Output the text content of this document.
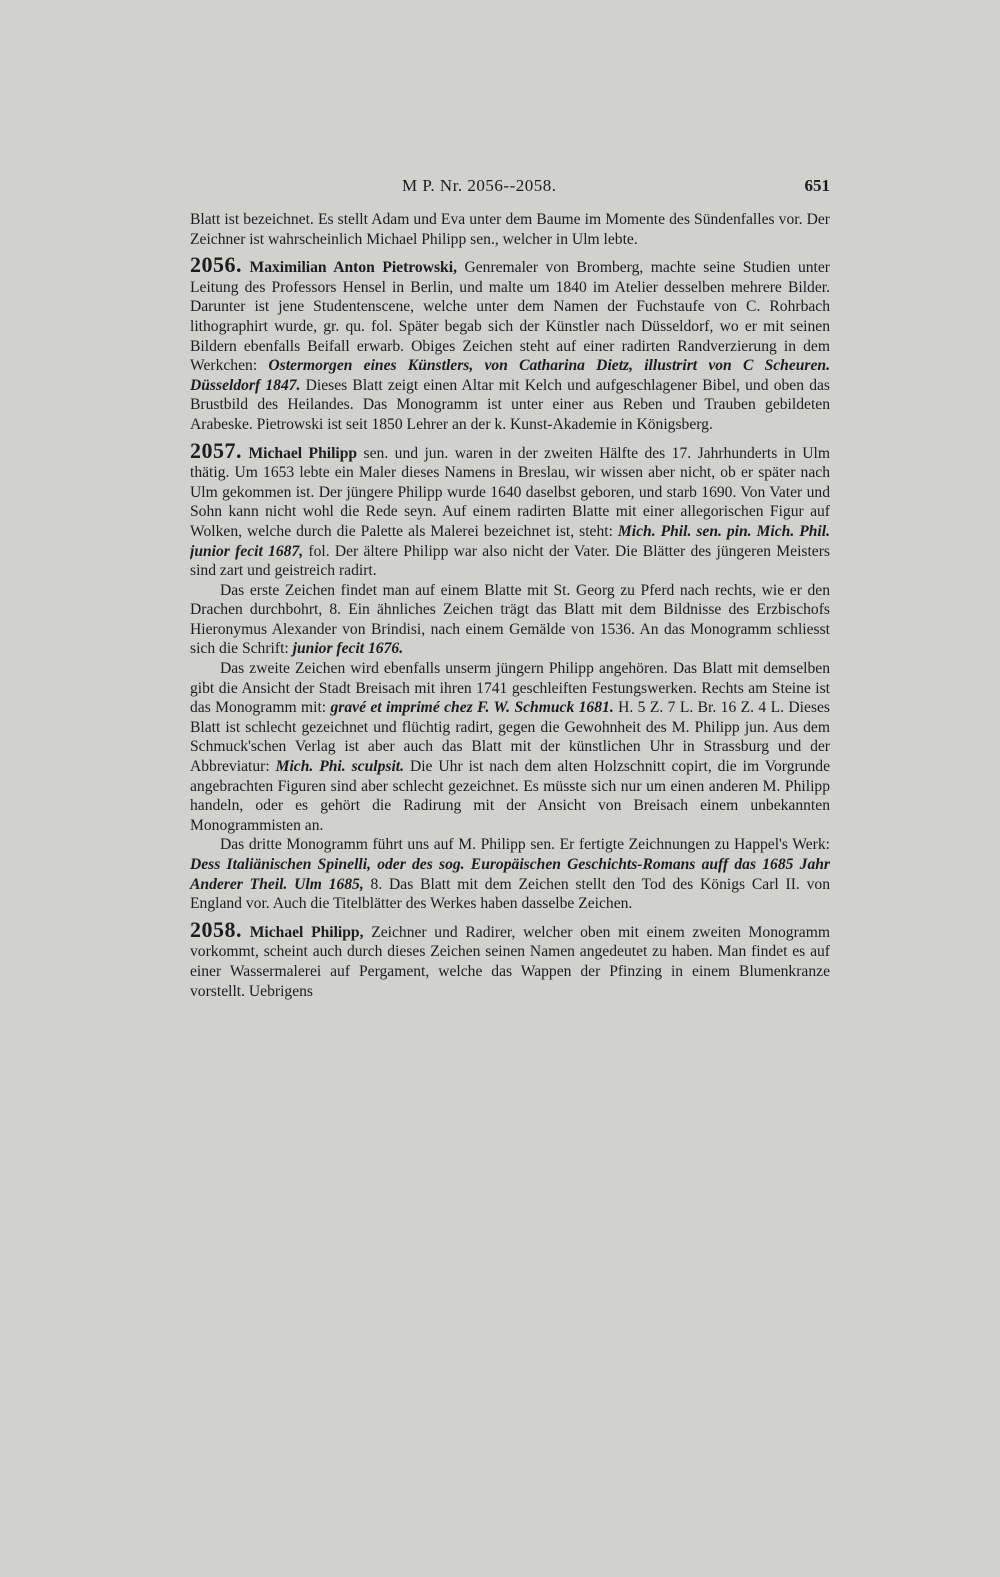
M P. Nr. 2056--2058.	651

Blatt ist bezeichnet. Es stellt Adam und Eva unter dem Baume im Momente des Sündenfalles vor. Der Zeichner ist wahrscheinlich Michael Philipp sen., welcher in Ulm lebte.

2056. Maximilian Anton Pietrowski, Genremaler von Bromberg, machte seine Studien unter Leitung des Professors Hensel in Berlin, und malte um 1840 im Atelier desselben mehrere Bilder. Darunter ist jene Studentenscene, welche unter dem Namen der Fuchstaufe von C. Rohrbach lithographirt wurde, gr. qu. fol. Später begab sich der Künstler nach Düsseldorf, wo er mit seinen Bildern ebenfalls Beifall erwarb. Obiges Zeichen steht auf einer radirten Randverzierung in dem Werkchen: Ostermorgen eines Künstlers, von Catharina Dietz, illustrirt von C Scheuren. Düsseldorf 1847. Dieses Blatt zeigt einen Altar mit Kelch und aufgeschlagener Bibel, und oben das Brustbild des Heilandes. Das Monogramm ist unter einer aus Reben und Trauben gebildeten Arabeske. Pietrowski ist seit 1850 Lehrer an der k. Kunst-Akademie in Königsberg.

2057. Michael Philipp sen. und jun. waren in der zweiten Hälfte des 17. Jahrhunderts in Ulm thätig. Um 1653 lebte ein Maler dieses Namens in Breslau, wir wissen aber nicht, ob er später nach Ulm gekommen ist. Der jüngere Philipp wurde 1640 daselbst geboren, und starb 1690. Von Vater und Sohn kann nicht wohl die Rede seyn. Auf einem radirten Blatte mit einer allegorischen Figur auf Wolken, welche durch die Palette als Malerei bezeichnet ist, steht: Mich. Phil. sen. pin. Mich. Phil. junior fecit 1687, fol. Der ältere Philipp war also nicht der Vater. Die Blätter des jüngeren Meisters sind zart und geistreich radirt.

Das erste Zeichen findet man auf einem Blatte mit St. Georg zu Pferd nach rechts, wie er den Drachen durchbohrt, 8. Ein ähnliches Zeichen trägt das Blatt mit dem Bildnisse des Erzbischofs Hieronymus Alexander von Brindisi, nach einem Gemälde von 1536. An das Monogramm schliesst sich die Schrift: junior fecit 1676.

Das zweite Zeichen wird ebenfalls unserm jüngern Philipp angehören. Das Blatt mit demselben gibt die Ansicht der Stadt Breisach mit ihren 1741 geschleiften Festungswerken. Rechts am Steine ist das Monogramm mit: gravé et imprimé chez F. W. Schmuck 1681. H. 5 Z. 7 L. Br. 16 Z. 4 L. Dieses Blatt ist schlecht gezeichnet und flüchtig radirt, gegen die Gewohnheit des M. Philipp jun. Aus dem Schmuck'schen Verlag ist aber auch das Blatt mit der künstlichen Uhr in Strassburg und der Abbreviatur: Mich. Phi. sculpsit. Die Uhr ist nach dem alten Holzschnitt copirt, die im Vorgrunde angebrachten Figuren sind aber schlecht gezeichnet. Es müsste sich nur um einen anderen M. Philipp handeln, oder es gehört die Radirung mit der Ansicht von Breisach einem unbekannten Monogrammisten an.

Das dritte Monogramm führt uns auf M. Philipp sen. Er fertigte Zeichnungen zu Happel's Werk: Dess Italiänischen Spinelli, oder des sog. Europäischen Geschichts-Romans auff das 1685 Jahr Anderer Theil. Ulm 1685, 8. Das Blatt mit dem Zeichen stellt den Tod des Königs Carl II. von England vor. Auch die Titelblätter des Werkes haben dasselbe Zeichen.

2058. Michael Philipp, Zeichner und Radirer, welcher oben mit einem zweiten Monogramm vorkommt, scheint auch durch dieses Zeichen seinen Namen angedeutet zu haben. Man findet es auf einer Wassermalerei auf Pergament, welche das Wappen der Pfinzing in einem Blumenkranze vorstellt. Uebrigens
